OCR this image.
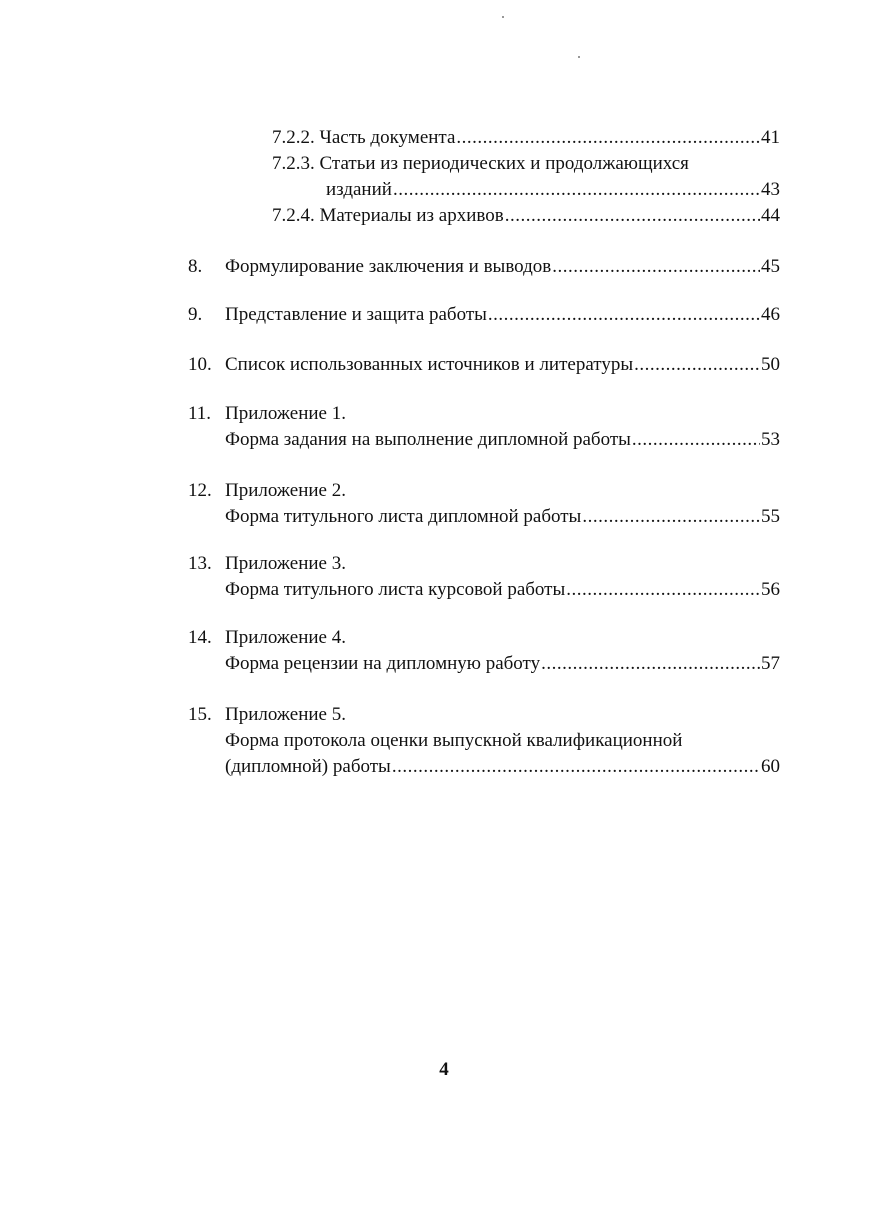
7.2.2. Часть документа .....	41
7.2.3. Статьи из периодических и продолжающихся
изданий .....	43
7.2.4. Материалы из архивов .....	44
8. Формулирование заключения и выводов .....	45
9. Представление и защита работы .....	46
10. Список использованных источников и литературы .....	50
11. Приложение 1.
Форма задания на выполнение дипломной работы .....	53
12. Приложение 2.
Форма титульного листа дипломной работы .....	55
13. Приложение 3.
Форма титульного листа курсовой работы .....	56
14. Приложение 4.
Форма рецензии на дипломную работу .....	57
15. Приложение 5.
Форма протокола оценки выпускной квалификационной
(дипломной) работы .....	60
4
